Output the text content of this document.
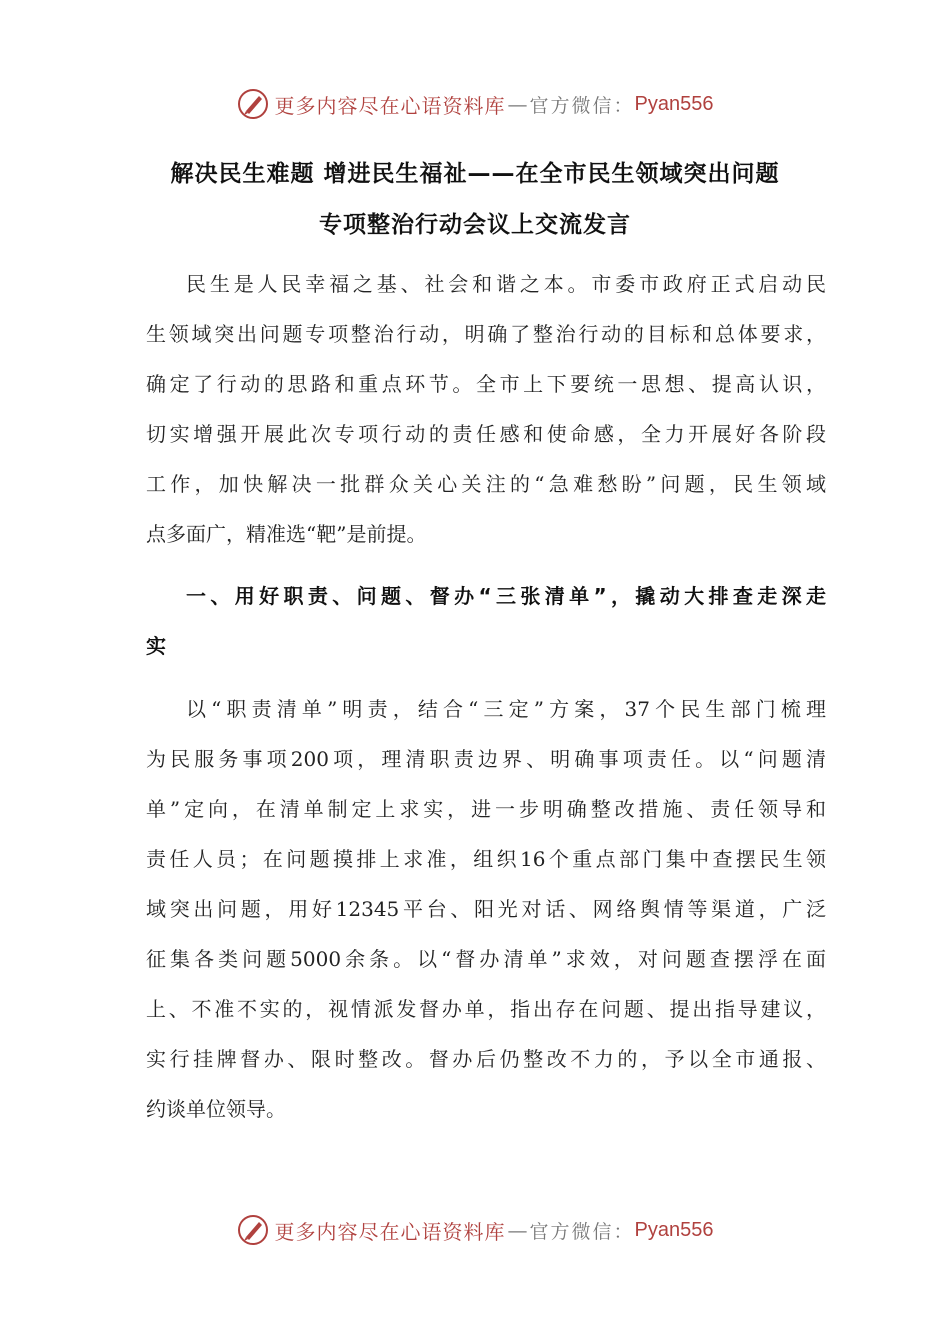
更多内容尽在心语资料库 — 官方微信： Pyan556
解决民生难题 增进民生福祉——在全市民生领域突出问题
专项整治行动会议上交流发言
民生是人民幸福之基、社会和谐之本。市委市政府正式启动民
生领域突出问题专项整治行动，明确了整治行动的目标和总体要求，
确定了行动的思路和重点环节。全市上下要统一思想、提高认识，
切实增强开展此次专项行动的责任感和使命感，全力开展好各阶段
工作，加快解决一批群众关心关注的“急难愁盼”问题，民生领域
点多面广，精准选“靶”是前提。
一、用好职责、问题、督办“三张清单”，撬动大排查走深走
实
以“职责清单”明责，结合“三定”方案，37个民生部门梳理
为民服务事项200项，理清职责边界、明确事项责任。以“问题清
单”定向，在清单制定上求实，进一步明确整改措施、责任领导和
责任人员；在问题摸排上求准，组织16个重点部门集中查摆民生领
域突出问题，用好12345平台、阳光对话、网络舆情等渠道，广泛
征集各类问题5000余条。以“督办清单”求效，对问题查摆浮在面
上、不准不实的，视情派发督办单，指出存在问题、提出指导建议，
实行挂牌督办、限时整改。督办后仍整改不力的，予以全市通报、
约谈单位领导。
更多内容尽在心语资料库 — 官方微信： Pyan556
